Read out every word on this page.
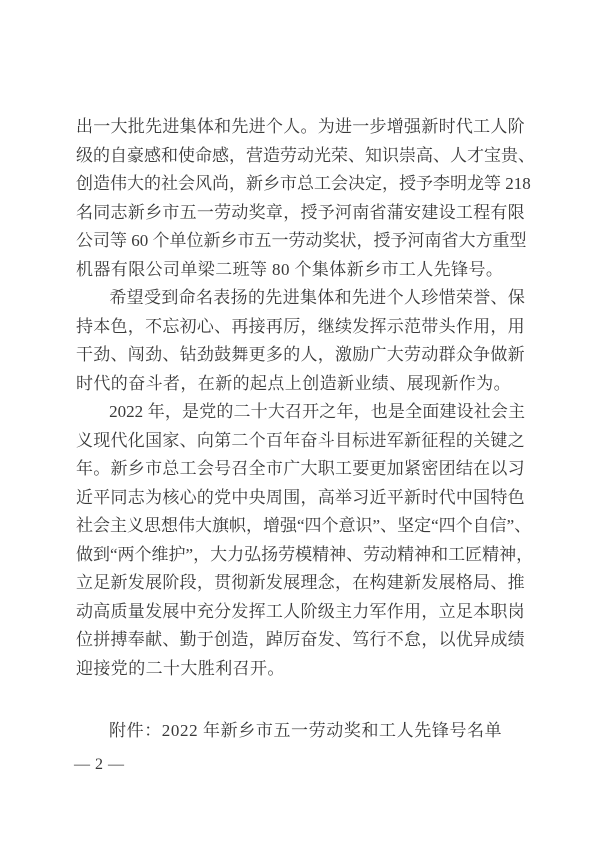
出 一 大 批 先 进 集 体 和 先 进 个 人 。 为 进 一 步 增 强 新 时 代 工 人 阶
级 的 自 豪 感 和 使 命 感 ， 营 造 劳 动 光 荣 、 知 识 崇 高 、 人 才 宝 贵 、
创 造 伟 大 的 社 会 风 尚 ， 新 乡 市 总 工 会 决 定 ， 授 予 李 明 龙 等
218
名 同 志 新 乡 市 五 一 劳 动 奖 章 ， 授 予 河 南 省 蒲 安 建 设 工 程 有 限
公 司 等
60
个 单 位 新 乡 市 五 一 劳 动 奖 状 ， 授 予 河 南 省 大 方 重 型
机器有限公司单梁二班等 80 个集体新乡市工人先锋号。
希 望 受 到 命 名 表 扬 的 先 进 集 体 和 先 进 个 人 珍 惜 荣 誉 、 保
持 本 色 ， 不 忘 初 心 、 再 接 再 厉 ， 继 续 发 挥 示 范 带 头 作 用 ， 用
干 劲 、 闯 劲 、 钻 劲 鼓 舞 更 多 的 人 ， 激 励 广 大 劳 动 群 众 争 做 新
时代的奋斗者，在新的起点上创造新业绩、展现新作为。
2022
年 ， 是 党 的 二 十 大 召 开 之 年 ， 也 是 全 面 建 设 社 会 主
义 现 代 化 国 家 、 向 第 二 个 百 年 奋 斗 目 标 进 军 新 征 程 的 关 键 之
年 。 新 乡 市 总 工 会 号 召 全 市 广 大 职 工 要 更 加 紧 密 团 结 在 以 习
近 平 同 志 为 核 心 的 党 中 央 周 围 ， 高 举 习 近 平 新 时 代 中 国 特 色
社 会 主 义 思 想 伟 大 旗 帜 ， 增 强 “ 四 个 意 识 ” 、 坚 定 “ 四 个 自 信 ” 、
做 到 “ 两 个 维 护 ” ， 大 力 弘 扬 劳 模 精 神 、 劳 动 精 神 和 工 匠 精 神 ，
立 足 新 发 展 阶 段 ， 贯 彻 新 发 展 理 念 ， 在 构 建 新 发 展 格 局 、 推
动 高 质 量 发 展 中 充 分 发 挥 工 人 阶 级 主 力 军 作 用 ， 立 足 本 职 岗
位 拼 搏 奉 献 、 勤 于 创 造 ， 踔 厉 奋 发 、 笃 行 不 怠 ， 以 优 异 成 绩
迎接党的二十大胜利召开。
附件：2022 年新乡市五一劳动奖和工人先锋号名单
— 2 —
